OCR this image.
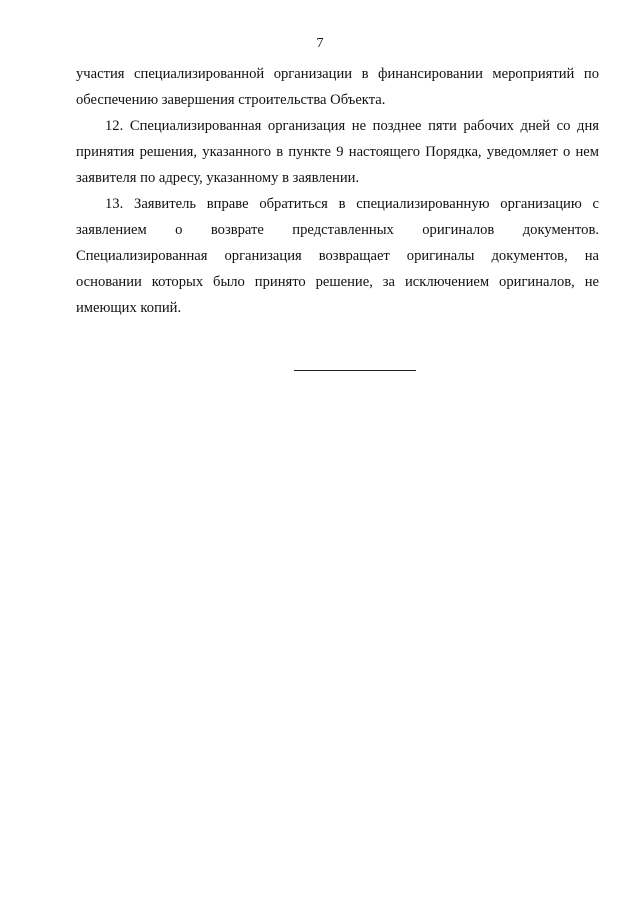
7

участия специализированной организации в финансировании мероприятий по обеспечению завершения строительства Объекта.

12. Специализированная организация не позднее пяти рабочих дней со дня принятия решения, указанного в пункте 9 настоящего Порядка, уведомляет о нем заявителя по адресу, указанному в заявлении.

13. Заявитель вправе обратиться в специализированную организацию с заявлением о возврате представленных оригиналов документов. Специализированная организация возвращает оригиналы документов, на основании которых было принято решение, за исключением оригиналов, не имеющих копий.
